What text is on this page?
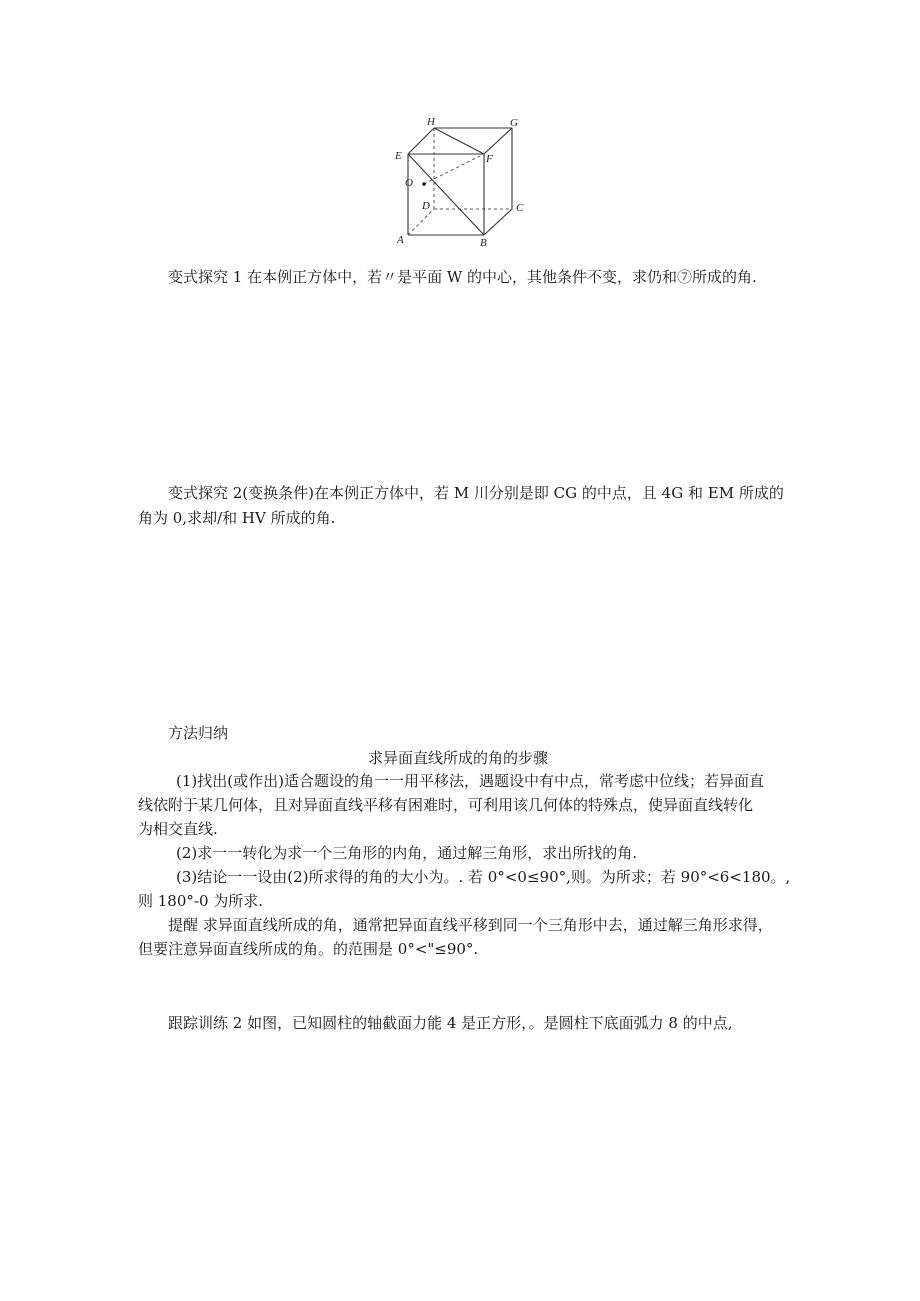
H	G
E	F
O
D	C
A	B
变式探究 1 在本例正方体中，若〃是平面 W 的中心，其他条件不变，求仍和⑦所成的角.
变式探究 2(变换条件)在本例正方体中，若 M 川分别是即 CG 的中点，且 4G 和 EM 所成的
角为 0,求却/和 HV 所成的角.
方法归纳
求异面直线所成的角的步骤
(1)找出(或作出)适合题设的角一一用平移法，遇题设中有中点，常考虑中位线；若异面直
线依附于某几何体，且对异面直线平移有困难时，可利用该几何体的特殊点，使异面直线转化
为相交直线.
(2)求一一转化为求一个三角形的内角，通过解三角形，求出所找的角.
(3)结论一一设由(2)所求得的角的大小为。. 若 0°<0≤90°,则。为所求；若 90°<6<180。,
则 180°-0 为所求.
提醒 求异面直线所成的角，通常把异面直线平移到同一个三角形中去，通过解三角形求得，
但要注意异面直线所成的角。的范围是 0°<"≤90°.
跟踪训练 2 如图，已知圆柱的轴截面力能 4 是正方形，。是圆柱下底面弧力 8 的中点,
